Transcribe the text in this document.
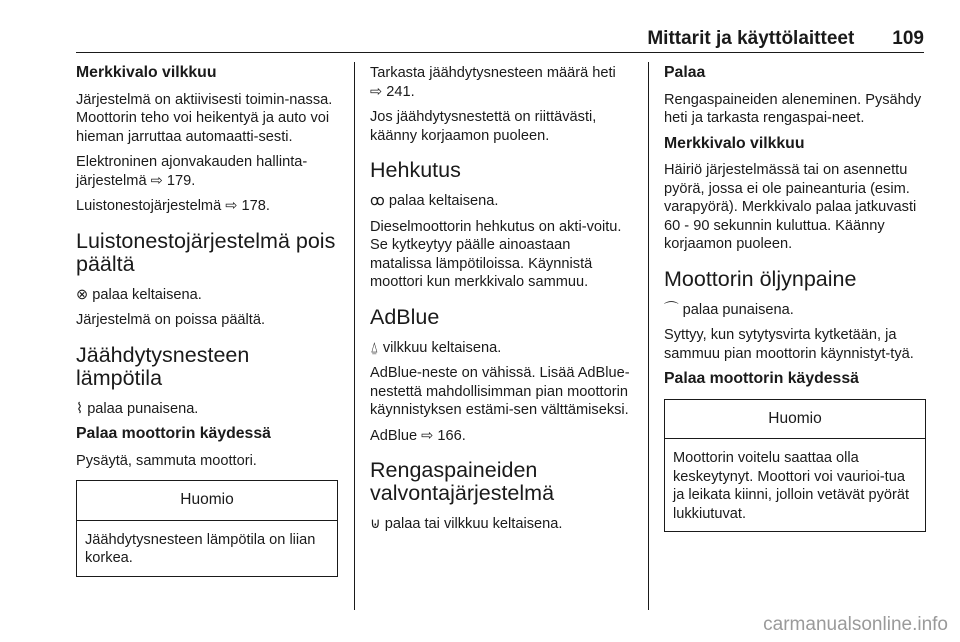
Mittarit ja käyttölaitteet 109
Merkkivalo vilkkuu

Järjestelmä on aktiivisesti toimin-nassa. Moottorin teho voi heikentyä ja auto voi hieman jarruttaa automaatti-sesti.

Elektroninen ajonvakauden hallinta-järjestelmä ⇨ 179.

Luistonestojärjestelmä ⇨ 178.

Luistonestojärjestelmä pois päältä

⊗ palaa keltaisena.

Järjestelmä on poissa päältä.

Jäähdytysnesteen lämpötila

⌇ palaa punaisena.

Palaa moottorin käydessä

Pysäytä, sammuta moottori.

Huomio
Jäähdytysnesteen lämpötila on liian korkea.

Tarkasta jäähdytysnesteen määrä heti ⇨ 241.

Jos jäähdytysnestettä on riittävästi, käänny korjaamon puoleen.

Hehkutus

ꝏ palaa keltaisena.

Dieselmoottorin hehkutus on akti-voitu. Se kytkeytyy päälle ainoastaan matalissa lämpötiloissa. Käynnistä moottori kun merkkivalo sammuu.

AdBlue

⍙ vilkkuu keltaisena.

AdBlue-neste on vähissä. Lisää AdBlue-nestettä mahdollisimman pian moottorin käynnistyksen estämi-sen välttämiseksi.

AdBlue ⇨ 166.

Rengaspaineiden valvontajärjestelmä

⊍ palaa tai vilkkuu keltaisena.

Palaa

Rengaspaineiden aleneminen. Pysähdy heti ja tarkasta rengaspai-neet.

Merkkivalo vilkkuu

Häiriö järjestelmässä tai on asennettu pyörä, jossa ei ole paineanturia (esim. varapyörä). Merkkivalo palaa jatkuvasti 60 - 90 sekunnin kuluttua. Käänny korjaamon puoleen.

Moottorin öljynpaine

⌒ palaa punaisena.

Syttyy, kun sytytysvirta kytketään, ja sammuu pian moottorin käynnistyt-tyä.

Palaa moottorin käydessä
Huomio
Moottorin voitelu saattaa olla keskeytynyt. Moottori voi vaurioi-tua ja leikata kiinni, jolloin vetävät pyörät lukkiutuvat.
carmanualsonline.info
